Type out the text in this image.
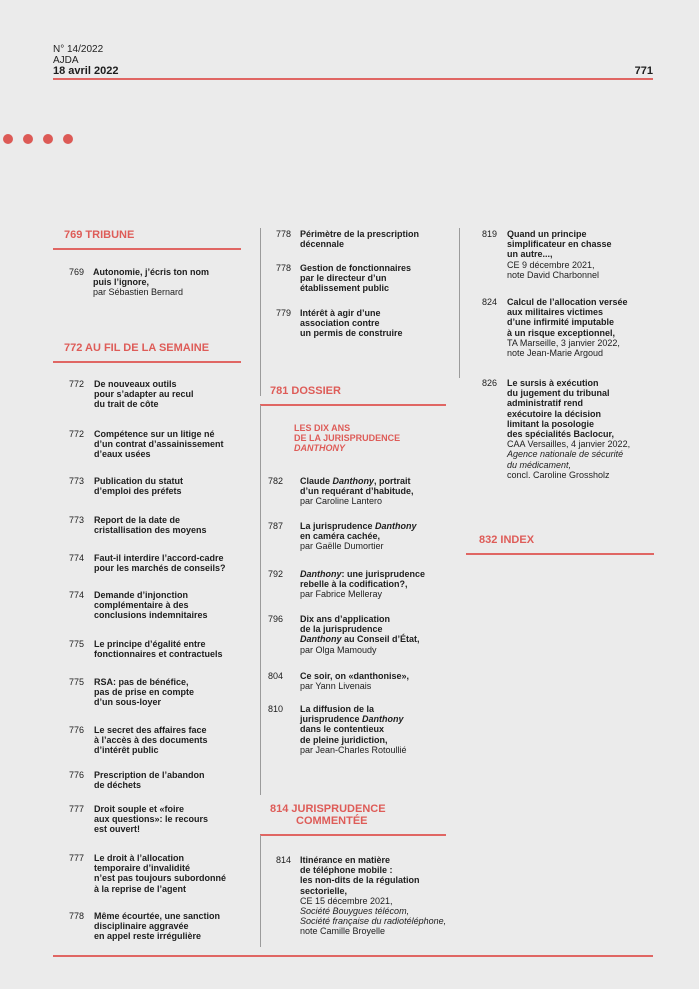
N° 14/2022
AJDA
18 avril 2022	771
769 TRIBUNE
769 Autonomie, j’écris ton nom
puis l’ignore,
par Sébastien Bernard
772 AU FIL DE LA SEMAINE
772 De nouveaux outils
pour s’adapter au recul
du trait de côte
772 Compétence sur un litige né
d’un contrat d’assainissement
d’eaux usées
773 Publication du statut
d’emploi des préfets
773 Report de la date de
cristallisation des moyens
774 Faut-il interdire l’accord-cadre
pour les marchés de conseils?
774 Demande d’injonction
complémentaire à des
conclusions indemnitaires
775 Le principe d’égalité entre
fonctionnaires et contractuels
775 RSA: pas de bénéfice,
pas de prise en compte
d’un sous-loyer
776 Le secret des affaires face
à l’accès à des documents
d’intérêt public
776 Prescription de l’abandon
de déchets
777 Droit souple et «foire
aux questions»: le recours
est ouvert!
777 Le droit à l’allocation
temporaire d’invalidité
n’est pas toujours subordonné
à la reprise de l’agent
778 Même écourtée, une sanction
disciplinaire aggravée
en appel reste irrégulière
778 Périmètre de la prescription
décennale
778 Gestion de fonctionnaires
par le directeur d’un
établissement public
779 Intérêt à agir d’une
association contre
un permis de construire
781 DOSSIER
LES DIX ANS
DE LA JURISPRUDENCE
DANTHONY
782 Claude Danthony, portrait
d’un requérant d’habitude,
par Caroline Lantero
787 La jurisprudence Danthony
en caméra cachée,
par Gaëlle Dumortier
792 Danthony: une jurisprudence
rebelle à la codification?,
par Fabrice Melleray
796 Dix ans d’application
de la jurisprudence
Danthony au Conseil d’État,
par Olga Mamoudy
804 Ce soir, on «danthonise»,
par Yann Livenais
810 La diffusion de la
jurisprudence Danthony
dans le contentieux
de pleine juridiction,
par Jean-Charles Rotoullié
814 JURISPRUDENCE
COMMENTÉE
814 Itinérance en matière
de téléphone mobile :
les non-dits de la régulation
sectorielle,
CE 15 décembre 2021,
Société Bouygues télécom,
Société française du radiotéléphone,
note Camille Broyelle
819 Quand un principe
simplificateur en chasse
un autre...,
CE 9 décembre 2021,
note David Charbonnel
824 Calcul de l’allocation versée
aux militaires victimes
d’une infirmité imputable
à un risque exceptionnel,
TA Marseille, 3 janvier 2022,
note Jean-Marie Argoud
826 Le sursis à exécution
du jugement du tribunal
administratif rend
exécutoire la décision
limitant la posologie
des spécialités Baclocur,
CAA Versailles, 4 janvier 2022,
Agence nationale de sécurité
du médicament,
concl. Caroline Grossholz
832 INDEX
